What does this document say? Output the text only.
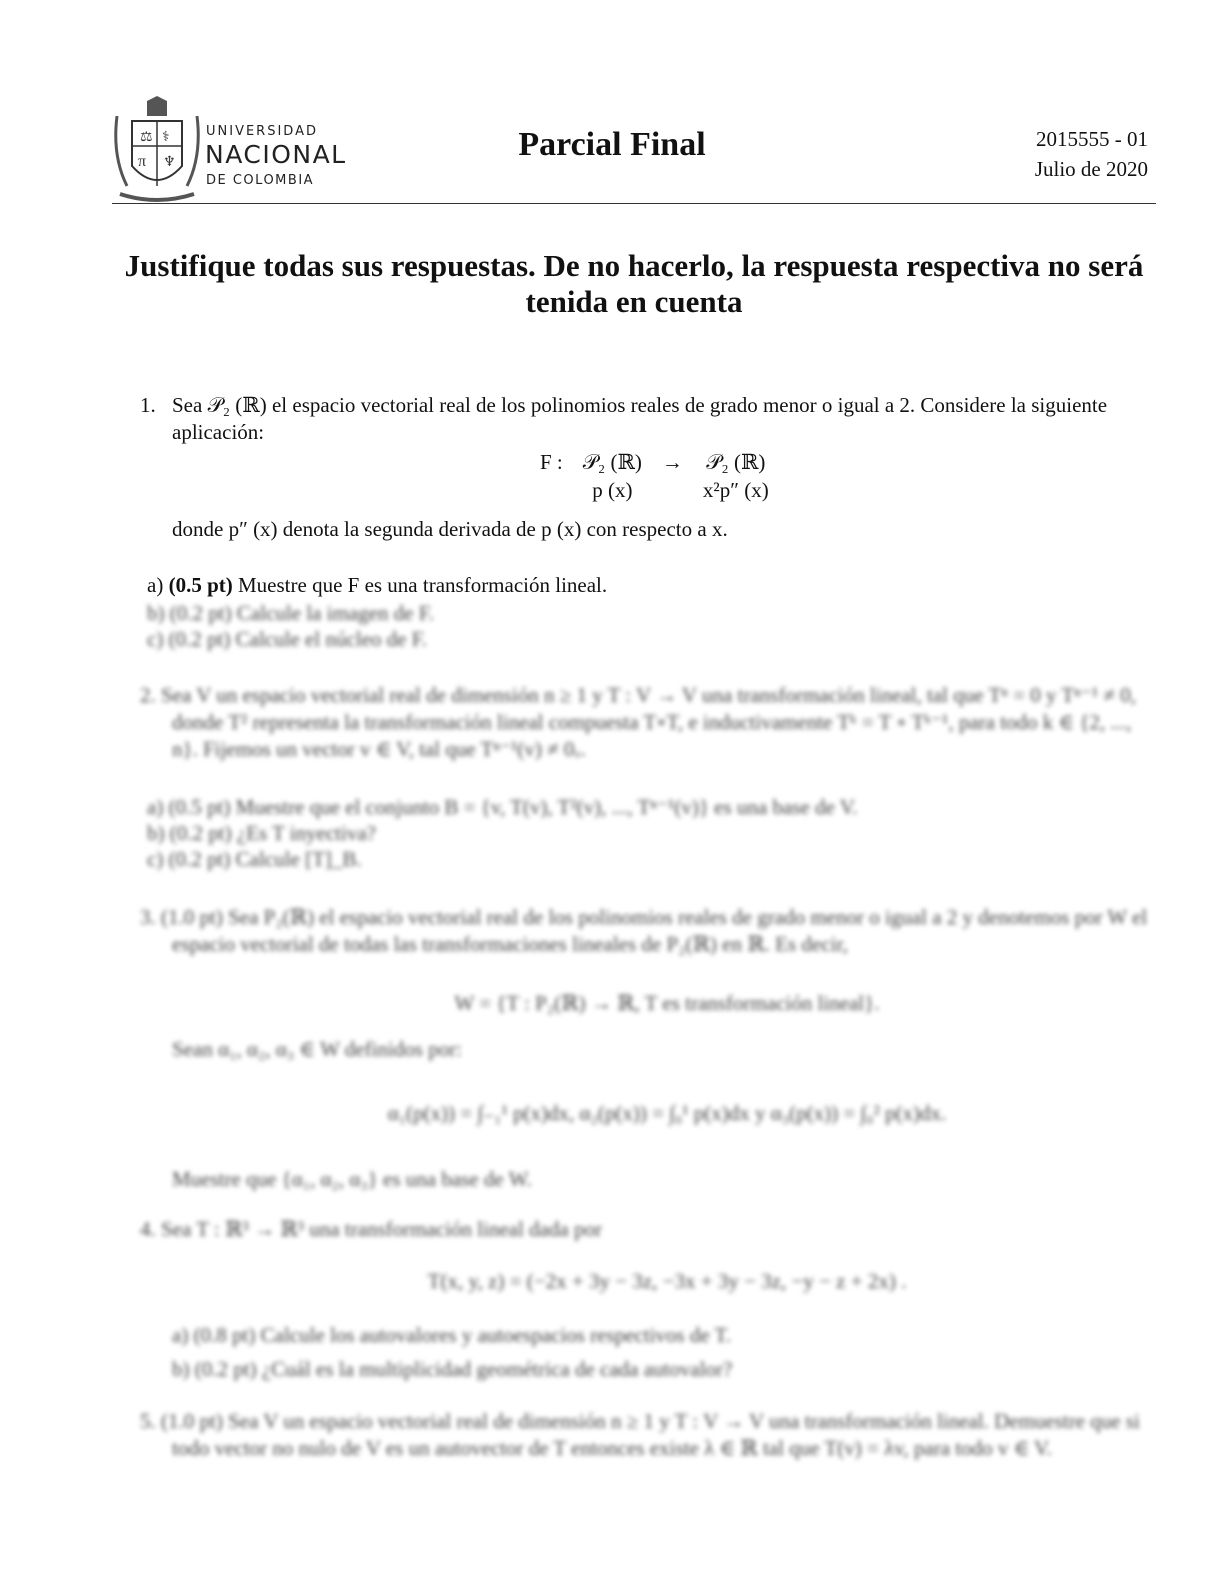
⚖ ⚕
π ♆
UNIVERSIDAD
NACIONAL
DE COLOMBIA
Parcial Final	2015555 - 01
Julio de 2020
Justifique todas sus respuestas. De no hacerlo, la respuesta respectiva no será tenida en cuenta
1. Sea 𝒫₂ (ℝ) el espacio vectorial real de los polinomios reales de grado menor o igual a 2. Considere la siguiente aplicación:
F :	𝒫₂ (ℝ)	→	𝒫₂ (ℝ)
	p (x)		x²p″ (x)
donde p″ (x) denota la segunda derivada de p (x) con respecto a x.
a) (0.5 pt) Muestre que F es una transformación lineal.
b) (0.2 pt) Calcule la imagen de F.
c) (0.2 pt) Calcule el núcleo de F.
2. Sea V un espacio vectorial real de dimensión n ≥ 1 y T : V → V una transformación lineal, tal que Tⁿ = 0 y Tⁿ⁻¹ ≠ 0, donde T² representa la transformación lineal compuesta T∘T, e inductivamente Tᵏ = T ∘ Tᵏ⁻¹, para todo k ∈ {2, ..., n}. Fijemos un vector v ∈ V, tal que Tⁿ⁻¹(v) ≠ 0ᵥ.
a) (0.5 pt) Muestre que el conjunto B = {v, T(v), T²(v), ..., Tⁿ⁻¹(v)} es una base de V.
b) (0.2 pt) ¿Es T inyectiva?
c) (0.2 pt) Calcule [T]_B.
3. (1.0 pt) Sea P₂(ℝ) el espacio vectorial real de los polinomios reales de grado menor o igual a 2 y denotemos por W el espacio vectorial de todas las transformaciones lineales de P₂(ℝ) en ℝ. Es decir,
W = {T : P₂(ℝ) → ℝ, T es transformación lineal}.
Sean α₁, α₂, α₃ ∈ W definidos por:
α₁(p(x)) = ∫₋₁¹ p(x)dx, α₂(p(x)) = ∫₀¹ p(x)dx y α₃(p(x)) = ∫₀² p(x)dx.
Muestre que {α₁, α₂, α₃} es una base de W.
4. Sea T : ℝ³ → ℝ³ una transformación lineal dada por
T(x, y, z) = (−2x + 3y − 3z, −3x + 3y − 3z, −y − z + 2x) .
a) (0.8 pt) Calcule los autovalores y autoespacios respectivos de T.
b) (0.2 pt) ¿Cuál es la multiplicidad geométrica de cada autovalor?
5. (1.0 pt) Sea V un espacio vectorial real de dimensión n ≥ 1 y T : V → V una transformación lineal. Demuestre que si todo vector no nulo de V es un autovector de T entonces existe λ ∈ ℝ tal que T(v) = λv, para todo v ∈ V.
